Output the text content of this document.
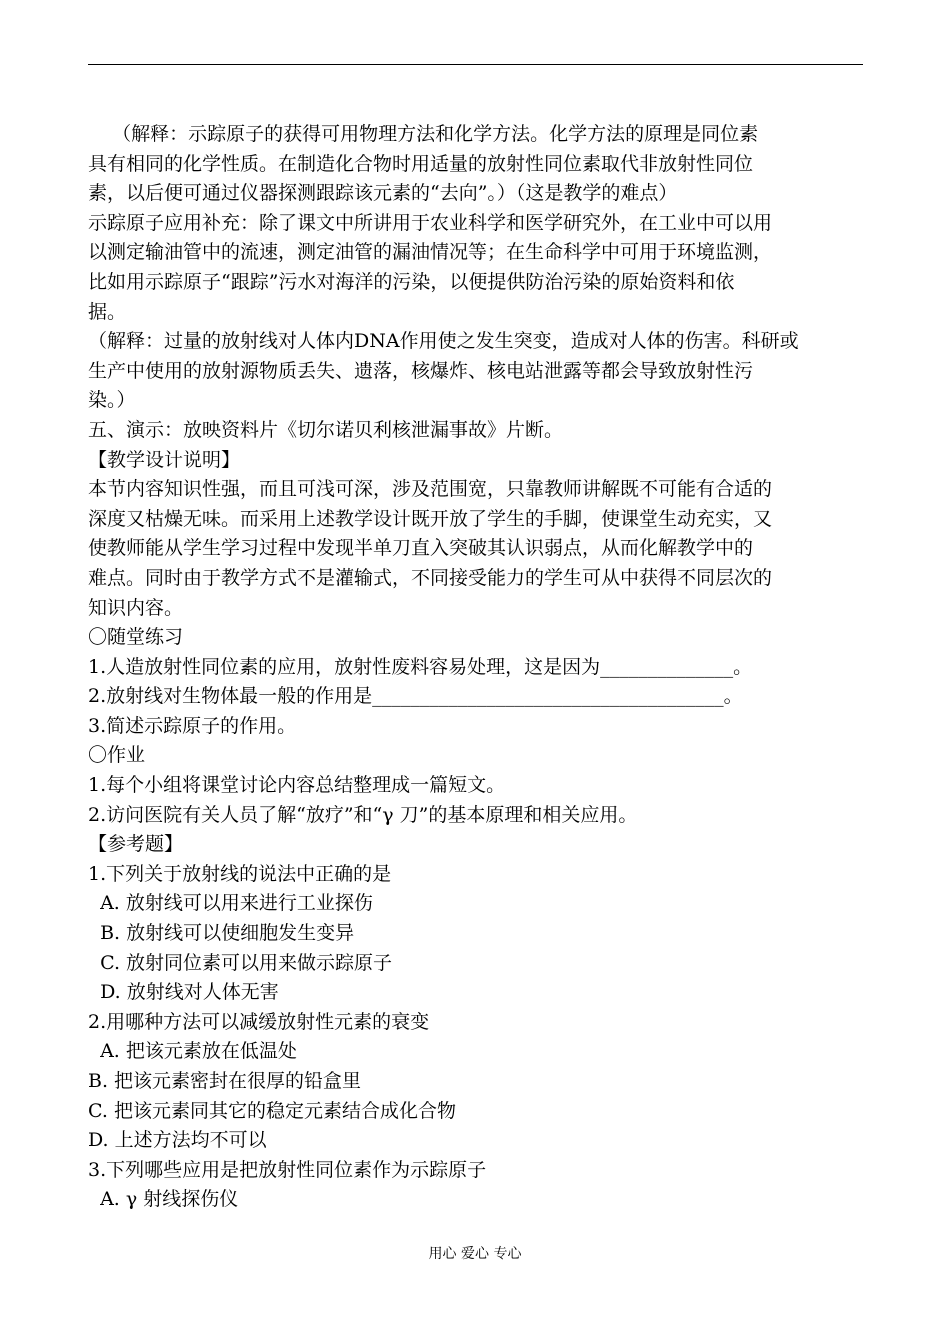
（解释：示踪原子的获得可用物理方法和化学方法。化学方法的原理是同位素
具有相同的化学性质。在制造化合物时用适量的放射性同位素取代非放射性同位
素，以后便可通过仪器探测跟踪该元素的“去向”。）（这是教学的难点）
示踪原子应用补充：除了课文中所讲用于农业科学和医学研究外，在工业中可以用
以测定输油管中的流速，测定油管的漏油情况等；在生命科学中可用于环境监测，
比如用示踪原子“跟踪”污水对海洋的污染，以便提供防治污染的原始资料和依
据。
（解释：过量的放射线对人体内DNA作用使之发生突变，造成对人体的伤害。科研或
生产中使用的放射源物质丢失、遗落，核爆炸、核电站泄露等都会导致放射性污
染。）
五、演示：放映资料片《切尔诺贝利核泄漏事故》片断。
【教学设计说明】
本节内容知识性强，而且可浅可深，涉及范围宽，只靠教师讲解既不可能有合适的
深度又枯燥无味。而采用上述教学设计既开放了学生的手脚，使课堂生动充实，又
使教师能从学生学习过程中发现半单刀直入突破其认识弱点，从而化解教学中的
难点。同时由于教学方式不是灌输式，不同接受能力的学生可从中获得不同层次的
知识内容。
〇随堂练习
1.人造放射性同位素的应用，放射性废料容易处理，这是因为______________。
2.放射线对生物体最一般的作用是_____________________________________。
3.简述示踪原子的作用。
〇作业
1.每个小组将课堂讨论内容总结整理成一篇短文。
2.访问医院有关人员了解“放疗”和“γ 刀”的基本原理和相关应用。
【参考题】
1.下列关于放射线的说法中正确的是
A. 放射线可以用来进行工业探伤
B. 放射线可以使细胞发生变异
C. 放射同位素可以用来做示踪原子
D. 放射线对人体无害
2.用哪种方法可以减缓放射性元素的衰变
A. 把该元素放在低温处
B. 把该元素密封在很厚的铅盒里
C. 把该元素同其它的稳定元素结合成化合物
D. 上述方法均不可以
3.下列哪些应用是把放射性同位素作为示踪原子
A. γ 射线探伤仪
用心 爱心 专心
